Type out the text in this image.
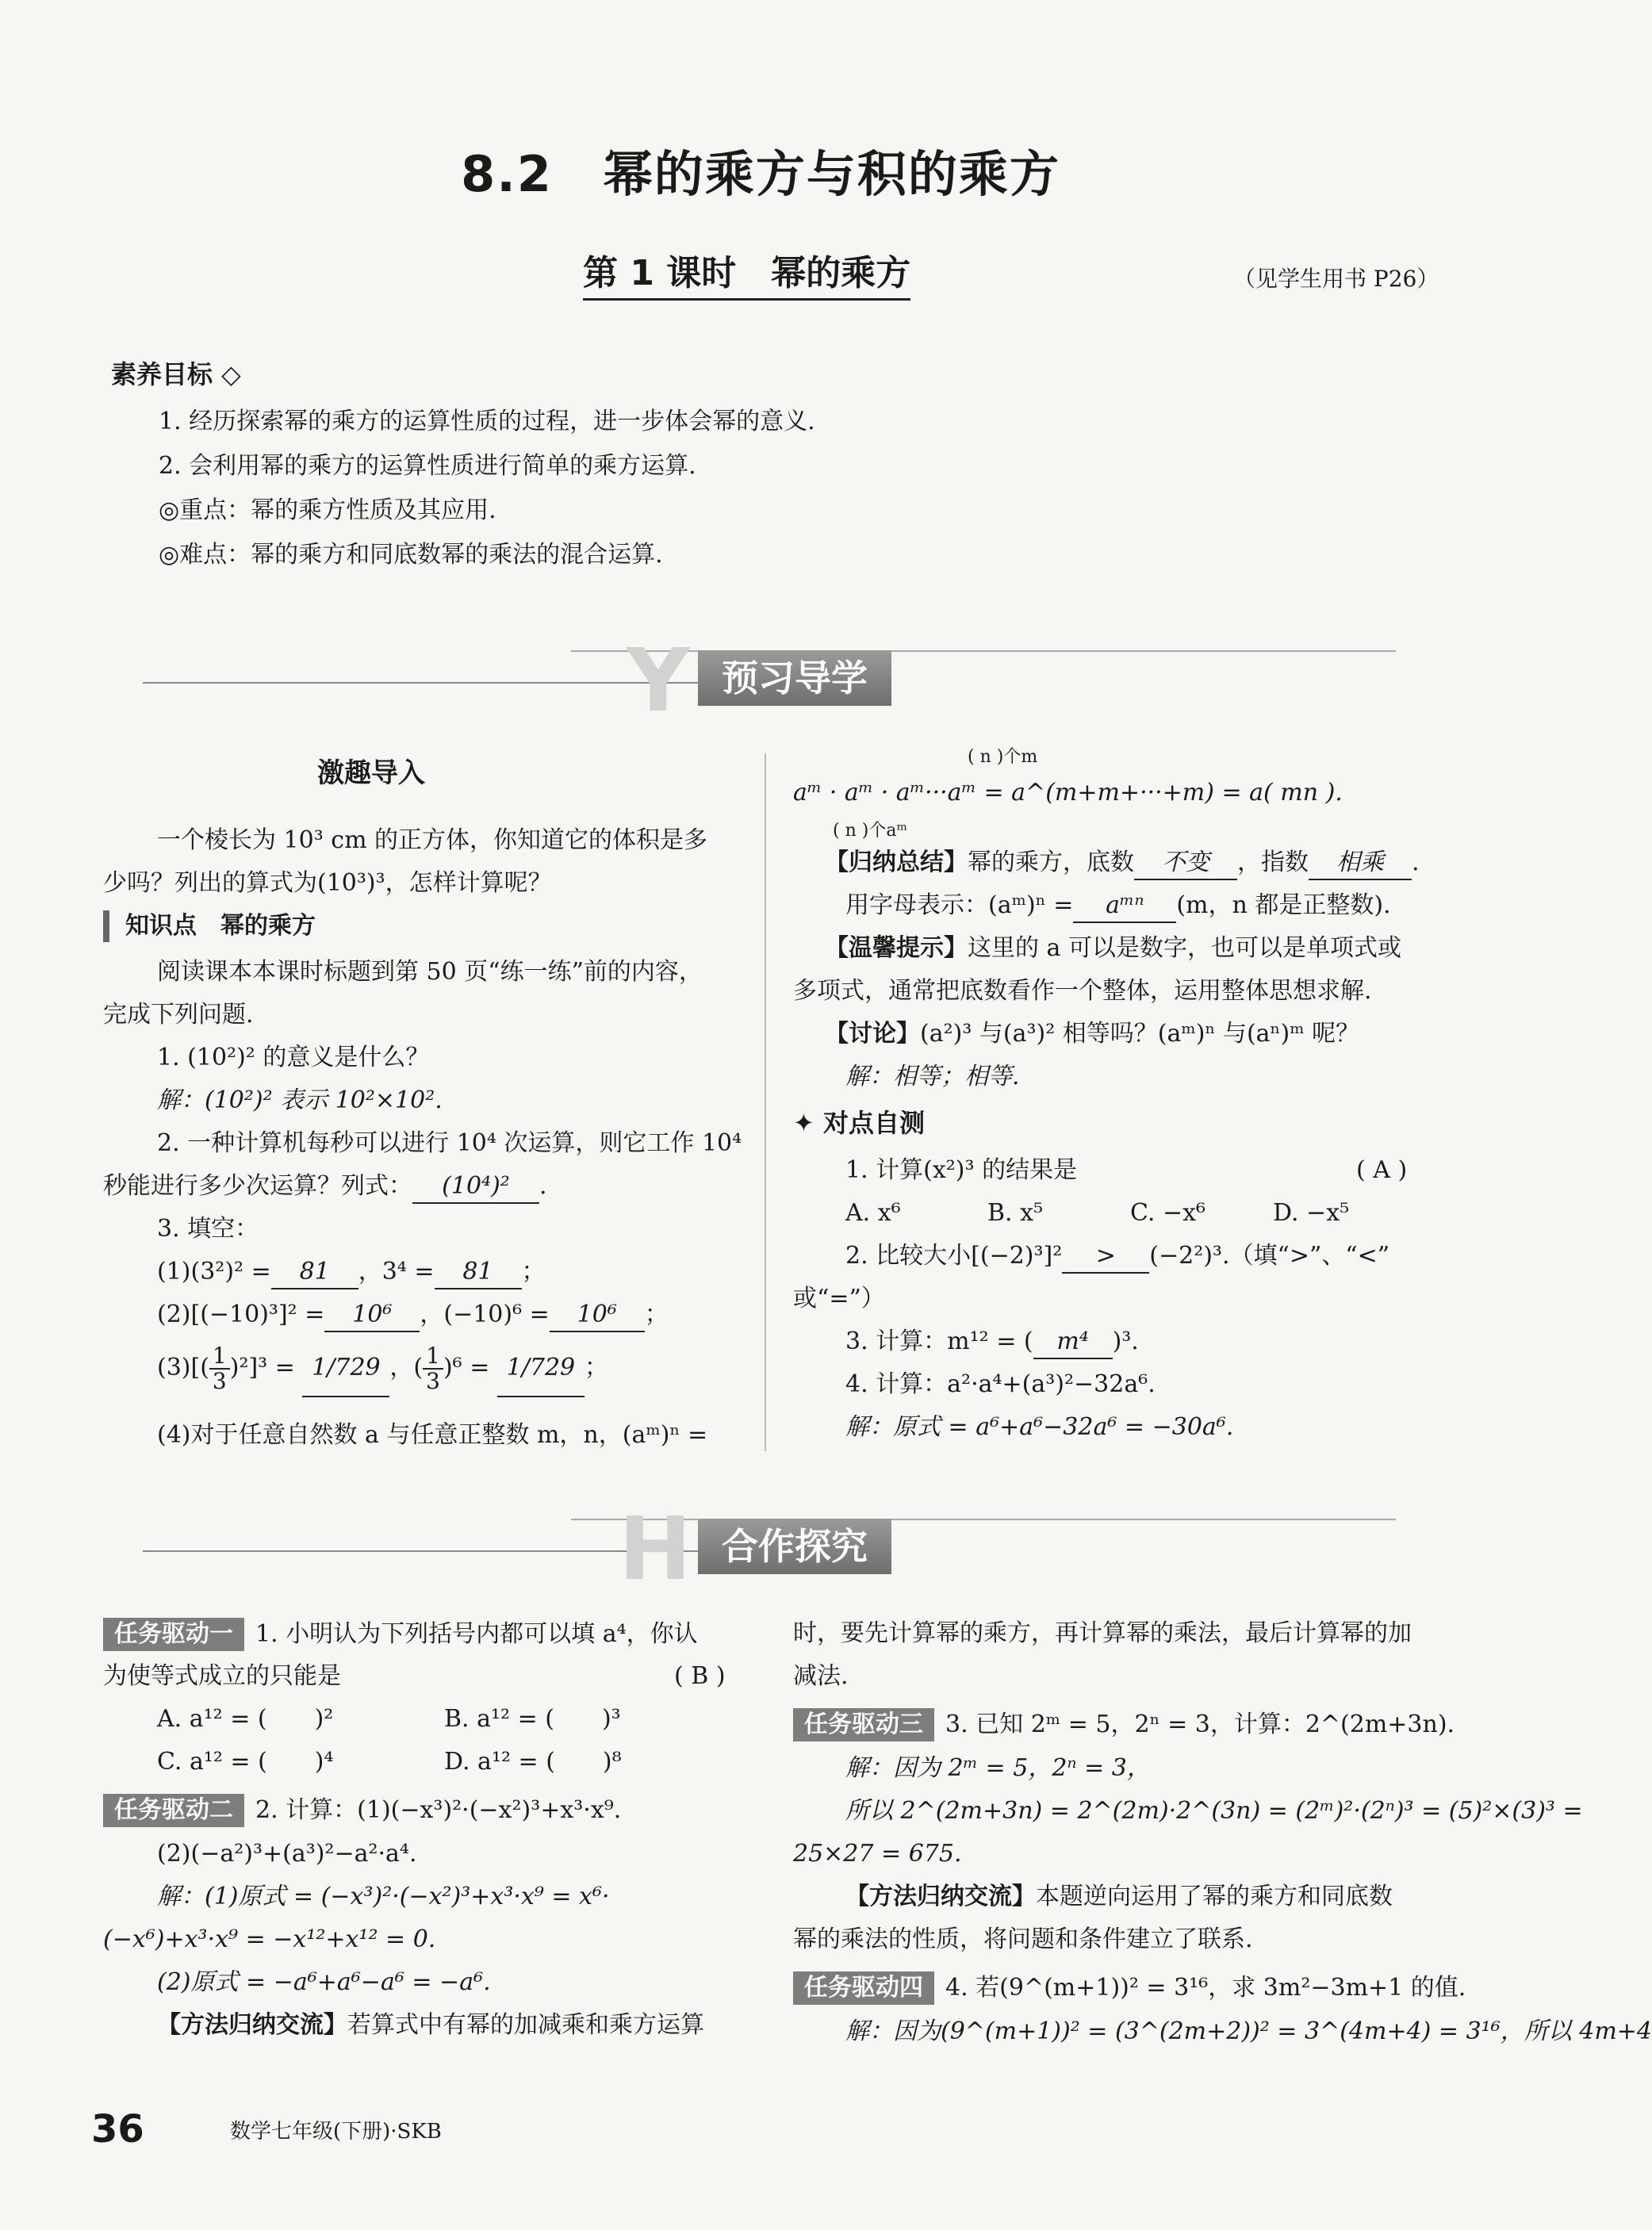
8.2　幂的乘方与积的乘方
第 1 课时　幂的乘方	（见学生用书 P26）
素养目标 ◇
1. 经历探索幂的乘方的运算性质的过程，进一步体会幂的意义.
2. 会利用幂的乘方的运算性质进行简单的乘方运算.
◎重点：幂的乘方性质及其应用.
◎难点：幂的乘方和同底数幂的乘法的混合运算.
Y 预习导学
激趣导入
一个棱长为 10³ cm 的正方体，你知道它的体积是多
少吗？列出的算式为(10³)³，怎样计算呢？
知识点　 幂的乘方
阅读课本本课时标题到第 50 页“练一练”前的内容，
完成下列问题.
1. (10²)² 的意义是什么？
解：(10²)² 表示 10²×10².
2. 一种计算机每秒可以进行 10⁴ 次运算，则它工作 10⁴
秒能进行多少次运算？列式： (10⁴)² .
3. 填空：
(1)(3²)² = 81 ，3⁴ = 81 ；
(2)[(−10)³]² = 10⁶ ，(−10)⁶ = 10⁶ ；
$(3)[( \frac{1}{3} )^2]^3 = 1/729$ ，( $\frac{1}{3} )^6 = 1/729$ ；
(4)对于任意自然数 a 与任意正整数 m，n，(aᵐ)ⁿ =
( n )个m
aᵐ · aᵐ · aᵐ···aᵐ = a^(m+m+···+m) = a( mn ).
( n )个aᵐ
【归纳总结】幂的乘方，底数 不变 ，指数 相乘 .
用字母表示：(aᵐ)ⁿ = aᵐⁿ (m，n 都是正整数).
【温馨提示】这里的 a 可以是数字，也可以是单项式或
多项式，通常把底数看作一个整体，运用整体思想求解.
【讨论】(a²)³ 与(a³)² 相等吗？(aᵐ)ⁿ 与(aⁿ)ᵐ 呢？
解：相等；相等.
✦ 对点自测
1. 计算(x²)³ 的结果是	( A )
A. x⁶	B. x⁵	C. −x⁶	D. −x⁵
2. 比较大小[(−2)³]² > (−2²)³.（填“>”、“<”
或“=”）
3. 计算：m¹² = ( m⁴ )³.
4. 计算：a²·a⁴+(a³)²−32a⁶.
解：原式 = a⁶+a⁶−32a⁶ = −30a⁶.
H 合作探究
任务驱动一 1. 小明认为下列括号内都可以填 a⁴，你认
为使等式成立的只能是	( B )
A. a¹² = (　　)²	B. a¹² = (　　)³
C. a¹² = (　　)⁴	D. a¹² = (　　)⁸
任务驱动二 2. 计算：(1)(−x³)²·(−x²)³+x³·x⁹.
(2)(−a²)³+(a³)²−a²·a⁴.
解：(1)原式 = (−x³)²·(−x²)³+x³·x⁹ = x⁶·
(−x⁶)+x³·x⁹ = −x¹²+x¹² = 0.
(2)原式 = −a⁶+a⁶−a⁶ = −a⁶.
【方法归纳交流】若算式中有幂的加减乘和乘方运算
时，要先计算幂的乘方，再计算幂的乘法，最后计算幂的加
减法.
任务驱动三 3. 已知 2ᵐ = 5，2ⁿ = 3，计算：2^(2m+3n).
解：因为 2ᵐ = 5，2ⁿ = 3，
所以 2^(2m+3n) = 2^(2m)·2^(3n) = (2ᵐ)²·(2ⁿ)³ = (5)²×(3)³ =
25×27 = 675.
【方法归纳交流】本题逆向运用了幂的乘方和同底数
幂的乘法的性质，将问题和条件建立了联系.
任务驱动四 4. 若(9^(m+1))² = 3¹⁶，求 3m²−3m+1 的值.
解：因为(9^(m+1))² = (3^(2m+2))² = 3^(4m+4) = 3¹⁶，所以 4m+4
36	数学七年级(下册)·SKB
